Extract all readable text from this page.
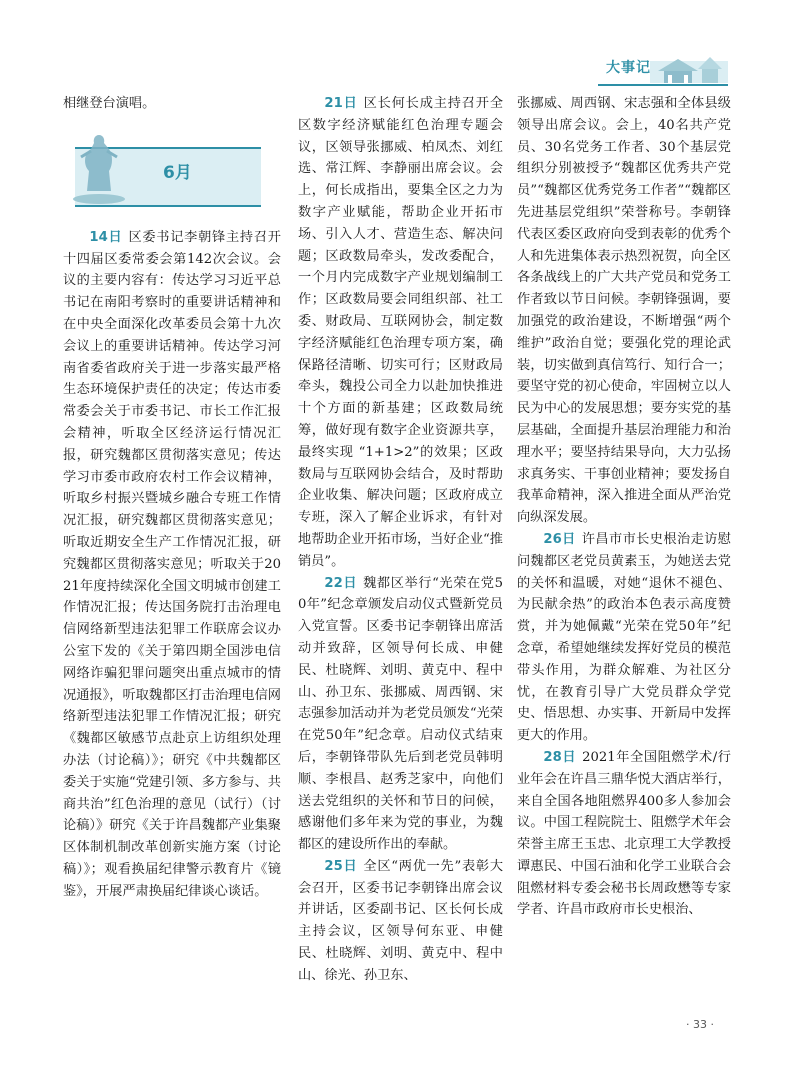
大事记

相继登台演唱。

6月

14日 区委书记李朝锋主持召开十四届区委常委会第142次会议。会议的主要内容有：传达学习习近平总书记在南阳考察时的重要讲话精神和在中央全面深化改革委员会第十九次会议上的重要讲话精神。传达学习河南省委省政府关于进一步落实最严格生态环境保护责任的决定；传达市委常委会关于市委书记、市长工作汇报会精神，听取全区经济运行情况汇报，研究魏都区贯彻落实意见；传达学习市委市政府农村工作会议精神，听取乡村振兴暨城乡融合专班工作情况汇报，研究魏都区贯彻落实意见；听取近期安全生产工作情况汇报，研究魏都区贯彻落实意见；听取关于2021年度持续深化全国文明城市创建工作情况汇报；传达国务院打击治理电信网络新型违法犯罪工作联席会议办公室下发的《关于第四期全国涉电信网络诈骗犯罪问题突出重点城市的情况通报》，听取魏都区打击治理电信网络新型违法犯罪工作情况汇报；研究《魏都区敏感节点赴京上访组织处理办法（讨论稿）》；研究《中共魏都区委关于实施“党建引领、多方参与、共商共治”红色治理的意见（试行）（讨论稿）》研究《关于许昌魏都产业集聚区体制机制改革创新实施方案（讨论稿）》；观看换届纪律警示教育片《镜鉴》，开展严肃换届纪律谈心谈话。

21日 区长何长成主持召开全区数字经济赋能红色治理专题会议，区领导张挪威、柏凤杰、刘红选、常江辉、李静丽出席会议。会上，何长成指出，要集全区之力为数字产业赋能，帮助企业开拓市场、引入人才、营造生态、解决问题；区政数局牵头，发改委配合，一个月内完成数字产业规划编制工作；区政数局要会同组织部、社工委、财政局、互联网协会，制定数字经济赋能红色治理专项方案，确保路径清晰、切实可行；区财政局牵头，魏投公司全力以赴加快推进十个方面的新基建；区政数局统筹，做好现有数字企业资源共享，最终实现 “1+1>2”的效果；区政数局与互联网协会结合，及时帮助企业收集、解决问题；区政府成立专班，深入了解企业诉求，有针对地帮助企业开拓市场，当好企业“推销员”。

22日 魏都区举行“光荣在党50年”纪念章颁发启动仪式暨新党员入党宣誓。区委书记李朝锋出席活动并致辞，区领导何长成、申健民、杜晓辉、刘明、黄克中、程中山、孙卫东、张挪威、周西钢、宋志强参加活动并为老党员颁发“光荣在党50年”纪念章。启动仪式结束后，李朝锋带队先后到老党员韩明顺、李根昌、赵秀芝家中，向他们送去党组织的关怀和节日的问候，感谢他们多年来为党的事业，为魏都区的建设所作出的奉献。

25日 全区“两优一先”表彰大会召开，区委书记李朝锋出席会议并讲话，区委副书记、区长何长成主持会议，区领导何东亚、申健民、杜晓辉、刘明、黄克中、程中山、徐光、孙卫东、

张挪威、周西钢、宋志强和全体县级领导出席会议。会上，40名共产党员、30名党务工作者、30个基层党组织分别被授予“魏都区优秀共产党员”“魏都区优秀党务工作者”“魏都区先进基层党组织”荣誉称号。李朝锋代表区委区政府向受到表彰的优秀个人和先进集体表示热烈祝贺，向全区各条战线上的广大共产党员和党务工作者致以节日问候。李朝锋强调，要加强党的政治建设，不断增强“两个维护”政治自觉；要强化党的理论武装，切实做到真信笃行、知行合一；要坚守党的初心使命，牢固树立以人民为中心的发展思想；要夯实党的基层基础，全面提升基层治理能力和治理水平；要坚持结果导向，大力弘扬求真务实、干事创业精神；要发扬自我革命精神，深入推进全面从严治党向纵深发展。

26日 许昌市市长史根治走访慰问魏都区老党员黄素玉，为她送去党的关怀和温暖，对她“退休不褪色、为民献余热”的政治本色表示高度赞赏，并为她佩戴“光荣在党50年”纪念章，希望她继续发挥好党员的模范带头作用，为群众解难、为社区分忧，在教育引导广大党员群众学党史、悟思想、办实事、开新局中发挥更大的作用。

28日 2021年全国阻燃学术/行业年会在许昌三鼎华悦大酒店举行，来自全国各地阻燃界400多人参加会议。中国工程院院士、阻燃学术年会荣誉主席王玉忠、北京理工大学教授谭惠民、中国石油和化学工业联合会阻燃材料专委会秘书长周政懋等专家学者、许昌市政府市长史根治、

· 33 ·
